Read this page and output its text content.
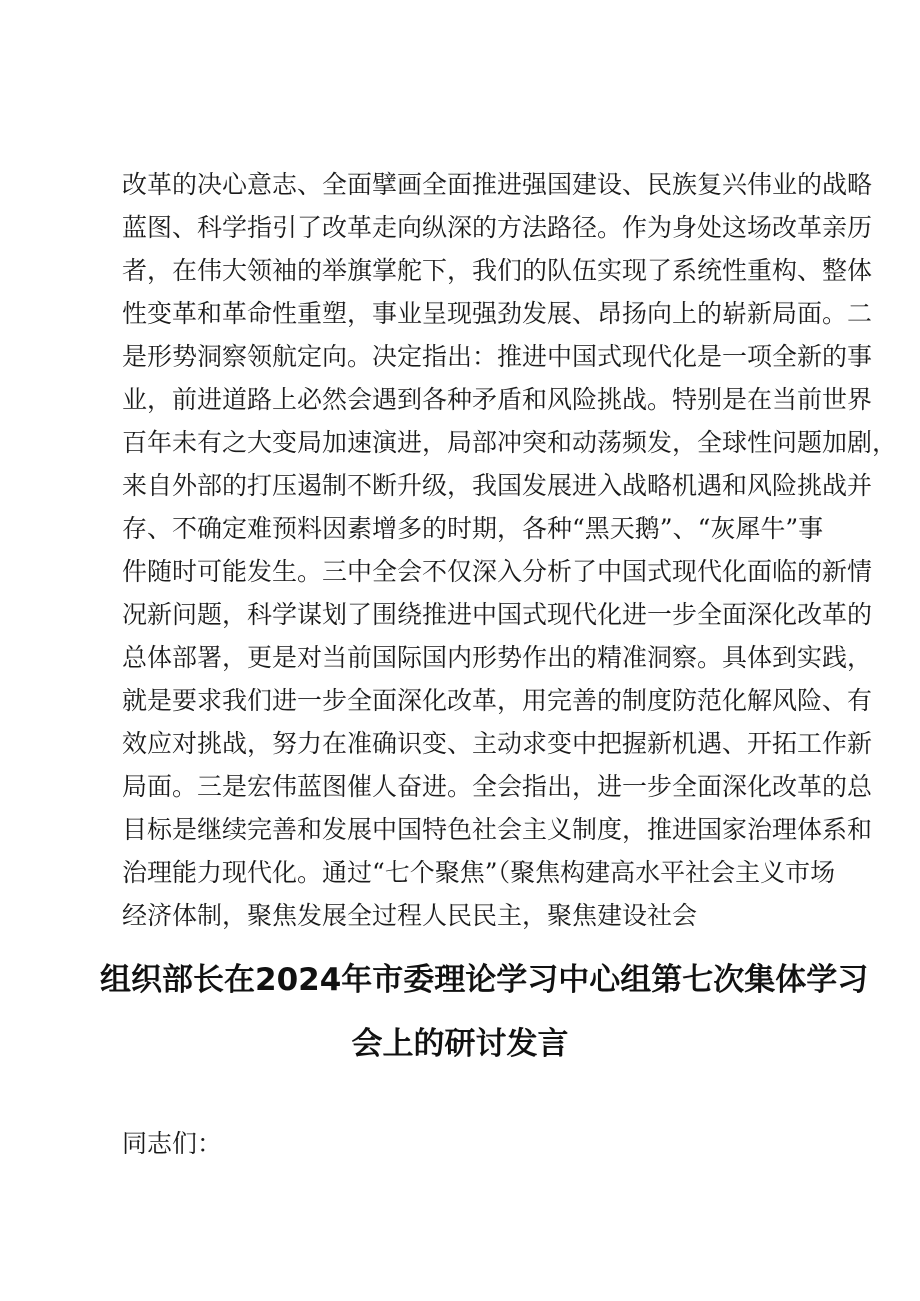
改革的决心意志、全面擘画全面推进强国建设、民族复兴伟业的战略
蓝图、科学指引了改革走向纵深的方法路径。作为身处这场改革亲历
者，在伟大领袖的举旗掌舵下，我们的队伍实现了系统性重构、整体
性变革和革命性重塑，事业呈现强劲发展、昂扬向上的崭新局面。二
是形势洞察领航定向。决定指出：推进中国式现代化是一项全新的事
业，前进道路上必然会遇到各种矛盾和风险挑战。特别是在当前世界
百年未有之大变局加速演进，局部冲突和动荡频发，全球性问题加剧，
来自外部的打压遏制不断升级，我国发展进入战略机遇和风险挑战并
存、不确定难预料因素增多的时期，各种“黑天鹅”、“灰犀牛”事
件随时可能发生。三中全会不仅深入分析了中国式现代化面临的新情
况新问题，科学谋划了围绕推进中国式现代化进一步全面深化改革的
总体部署，更是对当前国际国内形势作出的精准洞察。具体到实践，
就是要求我们进一步全面深化改革，用完善的制度防范化解风险、有
效应对挑战，努力在准确识变、主动求变中把握新机遇、开拓工作新
局面。三是宏伟蓝图催人奋进。全会指出，进一步全面深化改革的总
目标是继续完善和发展中国特色社会主义制度，推进国家治理体系和
治理能力现代化。通过“七个聚焦”（聚焦构建高水平社会主义市场
经济体制，聚焦发展全过程人民民主，聚焦建设社会
组织部长在2024年市委理论学习中心组第七次集体学习
会上的研讨发言
同志们：
